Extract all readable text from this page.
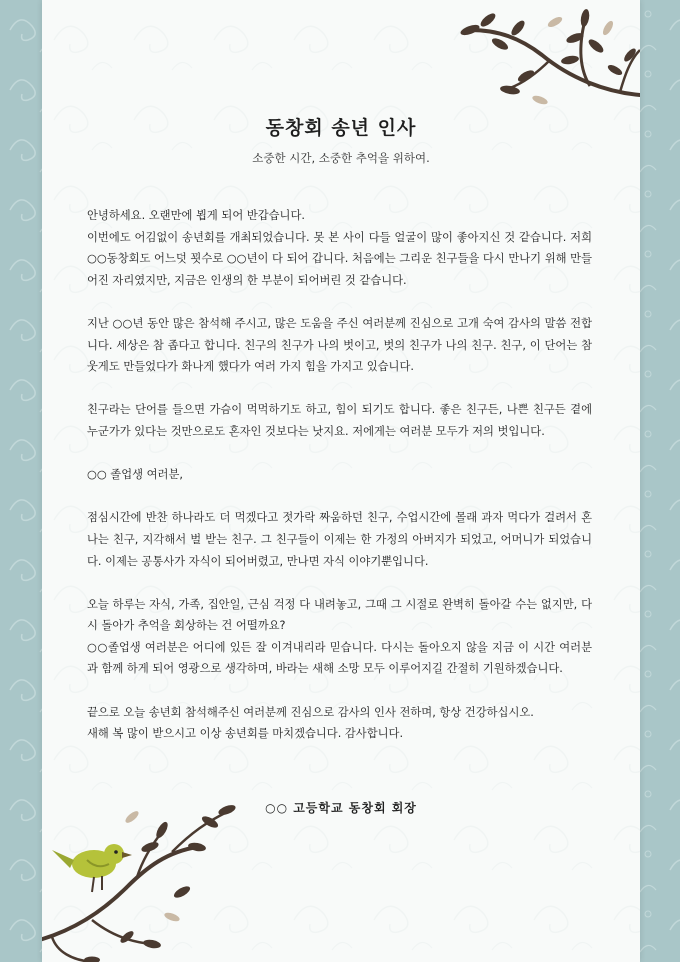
동창회 송년 인사
소중한 시간, 소중한 추억을 위하여.

안녕하세요. 오랜만에 뵙게 되어 반갑습니다.
이번에도 어김없이 송년회를 개최되었습니다. 못 본 사이 다들 얼굴이 많이 좋아지신 것 같습니다. 저희 ○○동창회도 어느덧 꾓수로 ○○년이 다 되어 갑니다. 처음에는 그리운 친구들을 다시 만나기 위해 만들어진 자리였지만, 지금은 인생의 한 부분이 되어버린 것 같습니다.

지난 ○○년 동안 많은 참석해 주시고, 많은 도움을 주신 여러분께 진심으로 고개 숙여 감사의 말씀 전합니다. 세상은 참 좁다고 합니다. 친구의 친구가 나의 벗이고, 벗의 친구가 나의 친구. 친구, 이 단어는 참 웃게도 만들었다가 화나게 했다가 여러 가지 힘을 가지고 있습니다.

친구라는 단어를 들으면 가슴이 먹먹하기도 하고, 힘이 되기도 합니다. 좋은 친구든, 나쁜 친구든 곁에 누군가가 있다는 것만으로도 혼자인 것보다는 낫지요. 저에게는 여러분 모두가 저의 벗입니다.

○○ 졸업생 여러분,

점심시간에 반찬 하나라도 더 먹겠다고 젓가락 짜움하던 친구, 수업시간에 몰래 과자 먹다가 걸려서 혼나는 친구, 지각해서 벌 받는 친구. 그 친구들이 이제는 한 가정의 아버지가 되었고, 어머니가 되었습니다. 이제는 공통사가 자식이 되어버렸고, 만나면 자식 이야기뿐입니다.

오늘 하루는 자식, 가족, 집안일, 근심 걱정 다 내려놓고, 그때 그 시절로 완벽히 돌아갈 수는 없지만, 다시 돌아가 추억을 회상하는 건 어떨까요?
○○졸업생 여러분은 어디에 있든 잘 이겨내리라 믿습니다. 다시는 돌아오지 않을 지금 이 시간 여러분과 함께 하게 되어 영광으로 생각하며, 바라는 새해 소망 모두 이루어지길 간절히 기원하겠습니다.

끝으로 오늘 송년회 참석해주신 여러분께 진심으로 감사의 인사 전하며, 항상 건강하십시오.
새해 복 많이 받으시고 이상 송년회를 마치겠습니다. 감사합니다.

○○ 고등학교 동창회 회장
